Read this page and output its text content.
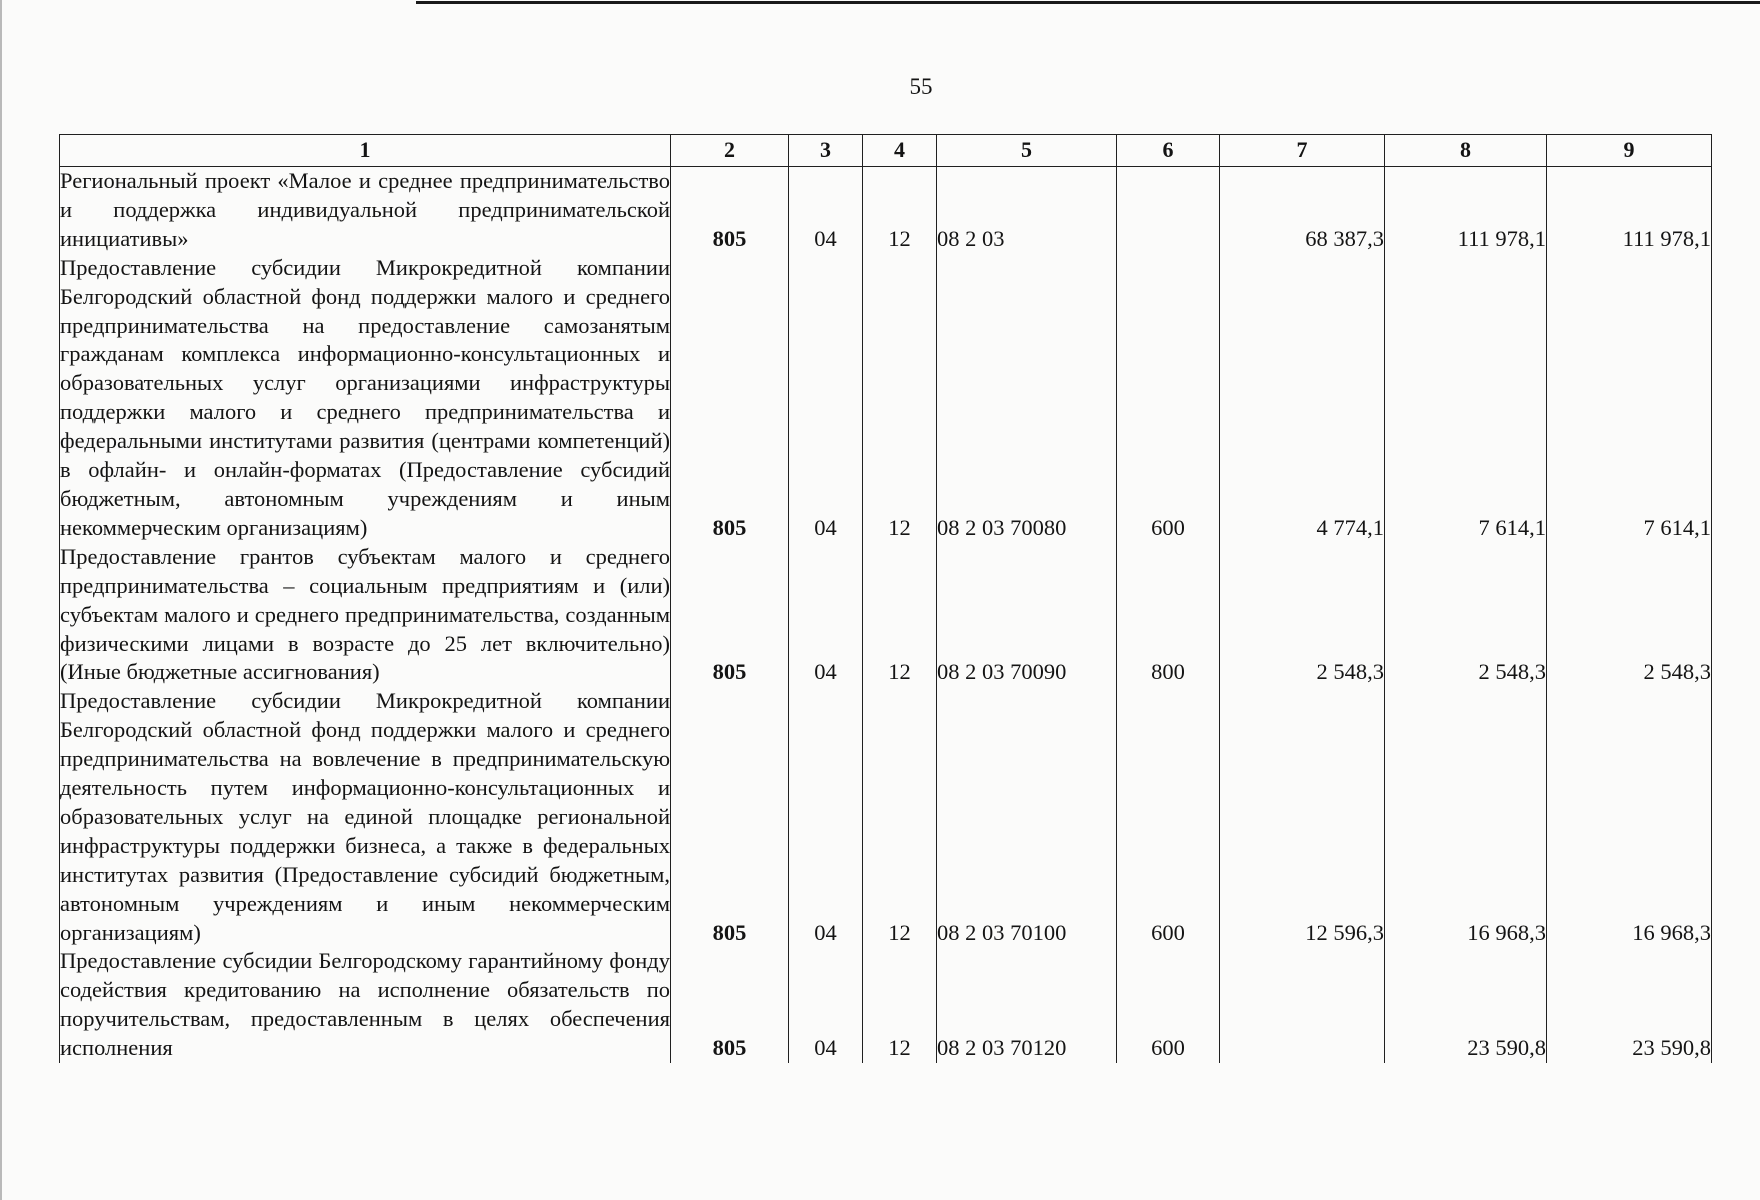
55
1	2	3	4	5	6	7	8	9
Региональный проект «Малое и среднее предпринимательство и поддержка индивидуальной предпринимательской инициативы»	805	04	12	08 2 03		68 387,3	111 978,1	111 978,1
Предоставление субсидии Микрокредитной компании Белгородский областной фонд поддержки малого и среднего предпринимательства на предоставление самозанятым гражданам комплекса информационно-консультационных и образовательных услуг организациями инфраструктуры поддержки малого и среднего предпринимательства и федеральными институтами развития (центрами компетенций) в офлайн- и онлайн-форматах (Предоставление субсидий бюджетным, автономным учреждениям и иным некоммерческим организациям)	805	04	12	08 2 03 70080	600	4 774,1	7 614,1	7 614,1
Предоставление грантов субъектам малого и среднего предпринимательства – социальным предприятиям и (или) субъектам малого и среднего предпринимательства, созданным физическими лицами в возрасте до 25 лет включительно) (Иные бюджетные ассигнования)	805	04	12	08 2 03 70090	800	2 548,3	2 548,3	2 548,3
Предоставление субсидии Микрокредитной компании Белгородский областной фонд поддержки малого и среднего предпринимательства на вовлечение в предпринимательскую деятельность путем информационно-консультационных и образовательных услуг на единой площадке региональной инфраструктуры поддержки бизнеса, а также в федеральных институтах развития (Предоставление субсидий бюджетным, автономным учреждениям и иным некоммерческим организациям)	805	04	12	08 2 03 70100	600	12 596,3	16 968,3	16 968,3
Предоставление субсидии Белгородскому гарантийному фонду содействия кредитованию на исполнение обязательств по поручительствам, предоставленным в целях обеспечения исполнения	805	04	12	08 2 03 70120	600		23 590,8	23 590,8
